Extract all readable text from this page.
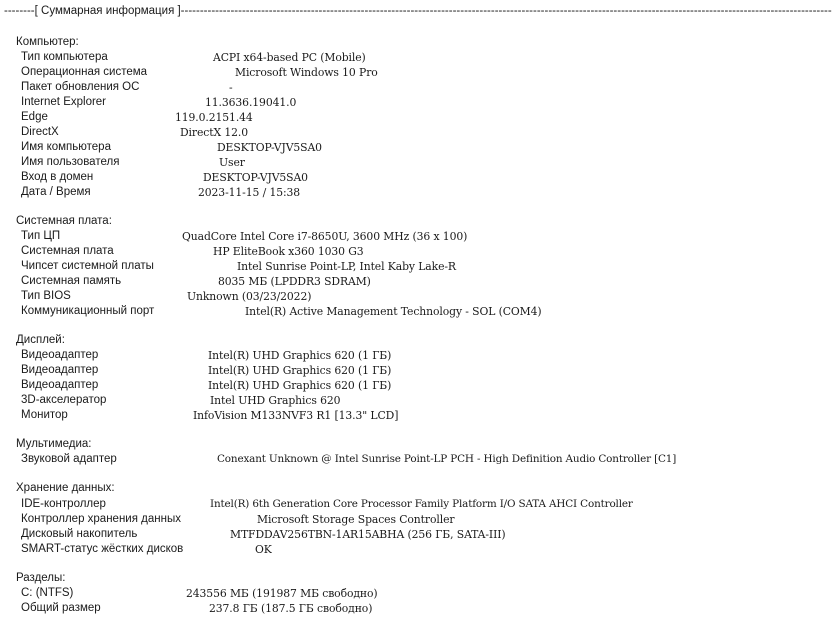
--------[ Суммарная информация ]--------------------------------------------------------------------------------------------------------------------------------------------------------------------------
Компьютер:
Тип компьютера	ACPI x64-based PC (Mobile)
Операционная система	Microsoft Windows 10 Pro
Пакет обновления ОС	-
Internet Explorer	11.3636.19041.0
Edge	119.0.2151.44
DirectX	DirectX 12.0
Имя компьютера	DESKTOP-VJV5SA0
Имя пользователя	User
Вход в домен	DESKTOP-VJV5SA0
Дата / Время	2023-11-15 / 15:38
Системная плата:
Тип ЦП	QuadCore Intel Core i7-8650U, 3600 MHz (36 x 100)
Системная плата	HP EliteBook x360 1030 G3
Чипсет системной платы	Intel Sunrise Point-LP, Intel Kaby Lake-R
Системная память	8035 МБ (LPDDR3 SDRAM)
Тип BIOS	Unknown (03/23/2022)
Коммуникационный порт	Intel(R) Active Management Technology - SOL (COM4)
Дисплей:
Видеоадаптер	Intel(R) UHD Graphics 620 (1 ГБ)
Видеоадаптер	Intel(R) UHD Graphics 620 (1 ГБ)
Видеоадаптер	Intel(R) UHD Graphics 620 (1 ГБ)
3D-акселератор	Intel UHD Graphics 620
Монитор	InfoVision M133NVF3 R1 [13.3" LCD]
Мультимедиа:
Звуковой адаптер	Conexant Unknown @ Intel Sunrise Point-LP PCH - High Definition Audio Controller [C1]
Хранение данных:
IDE-контроллер	Intel(R) 6th Generation Core Processor Family Platform I/O SATA AHCI Controller
Контроллер хранения данных	Microsoft Storage Spaces Controller
Дисковый накопитель	MTFDDAV256TBN-1AR15ABHA (256 ГБ, SATA-III)
SMART-статус жёстких дисков	OK
Разделы:
C: (NTFS)	243556 МБ (191987 МБ свободно)
Общий размер	237.8 ГБ (187.5 ГБ свободно)
